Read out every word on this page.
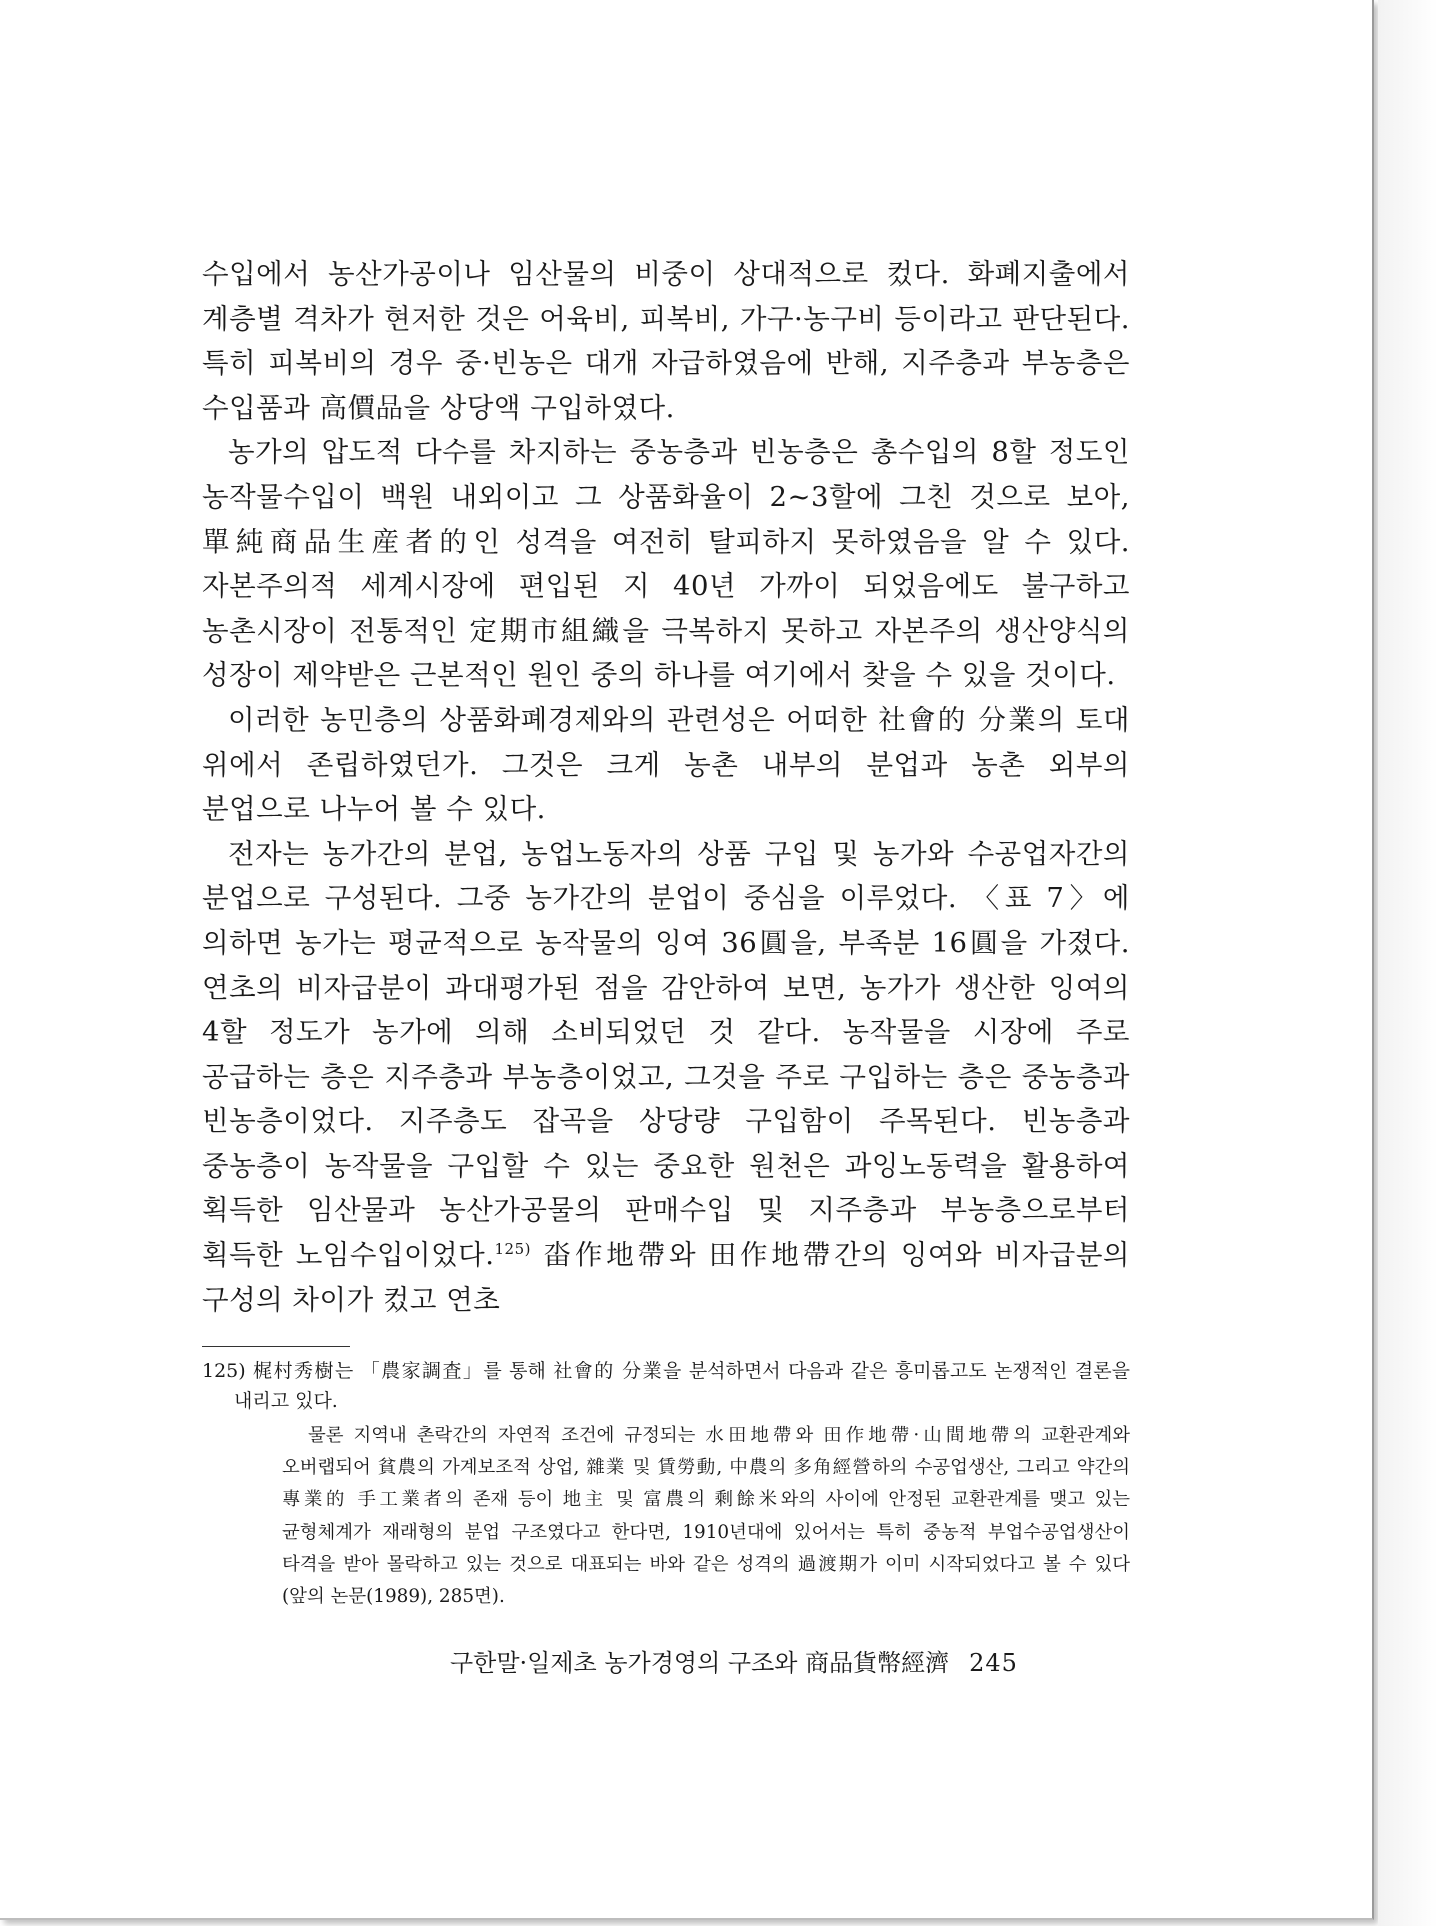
수입에서 농산가공이나 임산물의 비중이 상대적으로 컸다. 화폐지출에서 계층별 격차가 현저한 것은 어육비, 피복비, 가구·농구비 등이라고 판단된다. 특히 피복비의 경우 중·빈농은 대개 자급하였음에 반해, 지주층과 부농층은 수입품과 高價品을 상당액 구입하였다.

농가의 압도적 다수를 차지하는 중농층과 빈농층은 총수입의 8할 정도인 농작물수입이 백원 내외이고 그 상품화율이 2~3할에 그친 것으로 보아, 單純商品生産者的인 성격을 여전히 탈피하지 못하였음을 알 수 있다. 자본주의적 세계시장에 편입된 지 40년 가까이 되었음에도 불구하고 농촌시장이 전통적인 定期市組織을 극복하지 못하고 자본주의 생산양식의 성장이 제약받은 근본적인 원인 중의 하나를 여기에서 찾을 수 있을 것이다.

이러한 농민층의 상품화폐경제와의 관련성은 어떠한 社會的 分業의 토대 위에서 존립하였던가. 그것은 크게 농촌 내부의 분업과 농촌 외부의 분업으로 나누어 볼 수 있다.

전자는 농가간의 분업, 농업노동자의 상품 구입 및 농가와 수공업자간의 분업으로 구성된다. 그중 농가간의 분업이 중심을 이루었다. 〈표 7〉에 의하면 농가는 평균적으로 농작물의 잉여 36圓을, 부족분 16圓을 가졌다. 연초의 비자급분이 과대평가된 점을 감안하여 보면, 농가가 생산한 잉여의 4할 정도가 농가에 의해 소비되었던 것 같다. 농작물을 시장에 주로 공급하는 층은 지주층과 부농층이었고, 그것을 주로 구입하는 층은 중농층과 빈농층이었다. 지주층도 잡곡을 상당량 구입함이 주목된다. 빈농층과 중농층이 농작물을 구입할 수 있는 중요한 원천은 과잉노동력을 활용하여 획득한 임산물과 농산가공물의 판매수입 및 지주층과 부농층으로부터 획득한 노임수입이었다.$^{125)}$ 畓作地帶와 田作地帶간의 잉여와 비자급분의 구성의 차이가 컸고 연초

125) 梶村秀樹는 「農家調査」를 통해 社會的 分業을 분석하면서 다음과 같은 흥미롭고도 논쟁적인 결론을 내리고 있다.

물론 지역내 촌락간의 자연적 조건에 규정되는 水田地帶와 田作地帶·山間地帶의 교환관계와 오버랩되어 貧農의 가계보조적 상업, 雜業 및 賃勞動, 中農의 多角經營하의 수공업생산, 그리고 약간의 專業的 手工業者의 존재 등이 地主 및 富農의 剩餘米와의 사이에 안정된 교환관계를 맺고 있는 균형체계가 재래형의 분업 구조였다고 한다면, 1910년대에 있어서는 특히 중농적 부업수공업생산이 타격을 받아 몰락하고 있는 것으로 대표되는 바와 같은 성격의 過渡期가 이미 시작되었다고 볼 수 있다(앞의 논문(1989), 285면).

구한말·일제초 농가경영의 구조와 商品貨幣經濟 245
